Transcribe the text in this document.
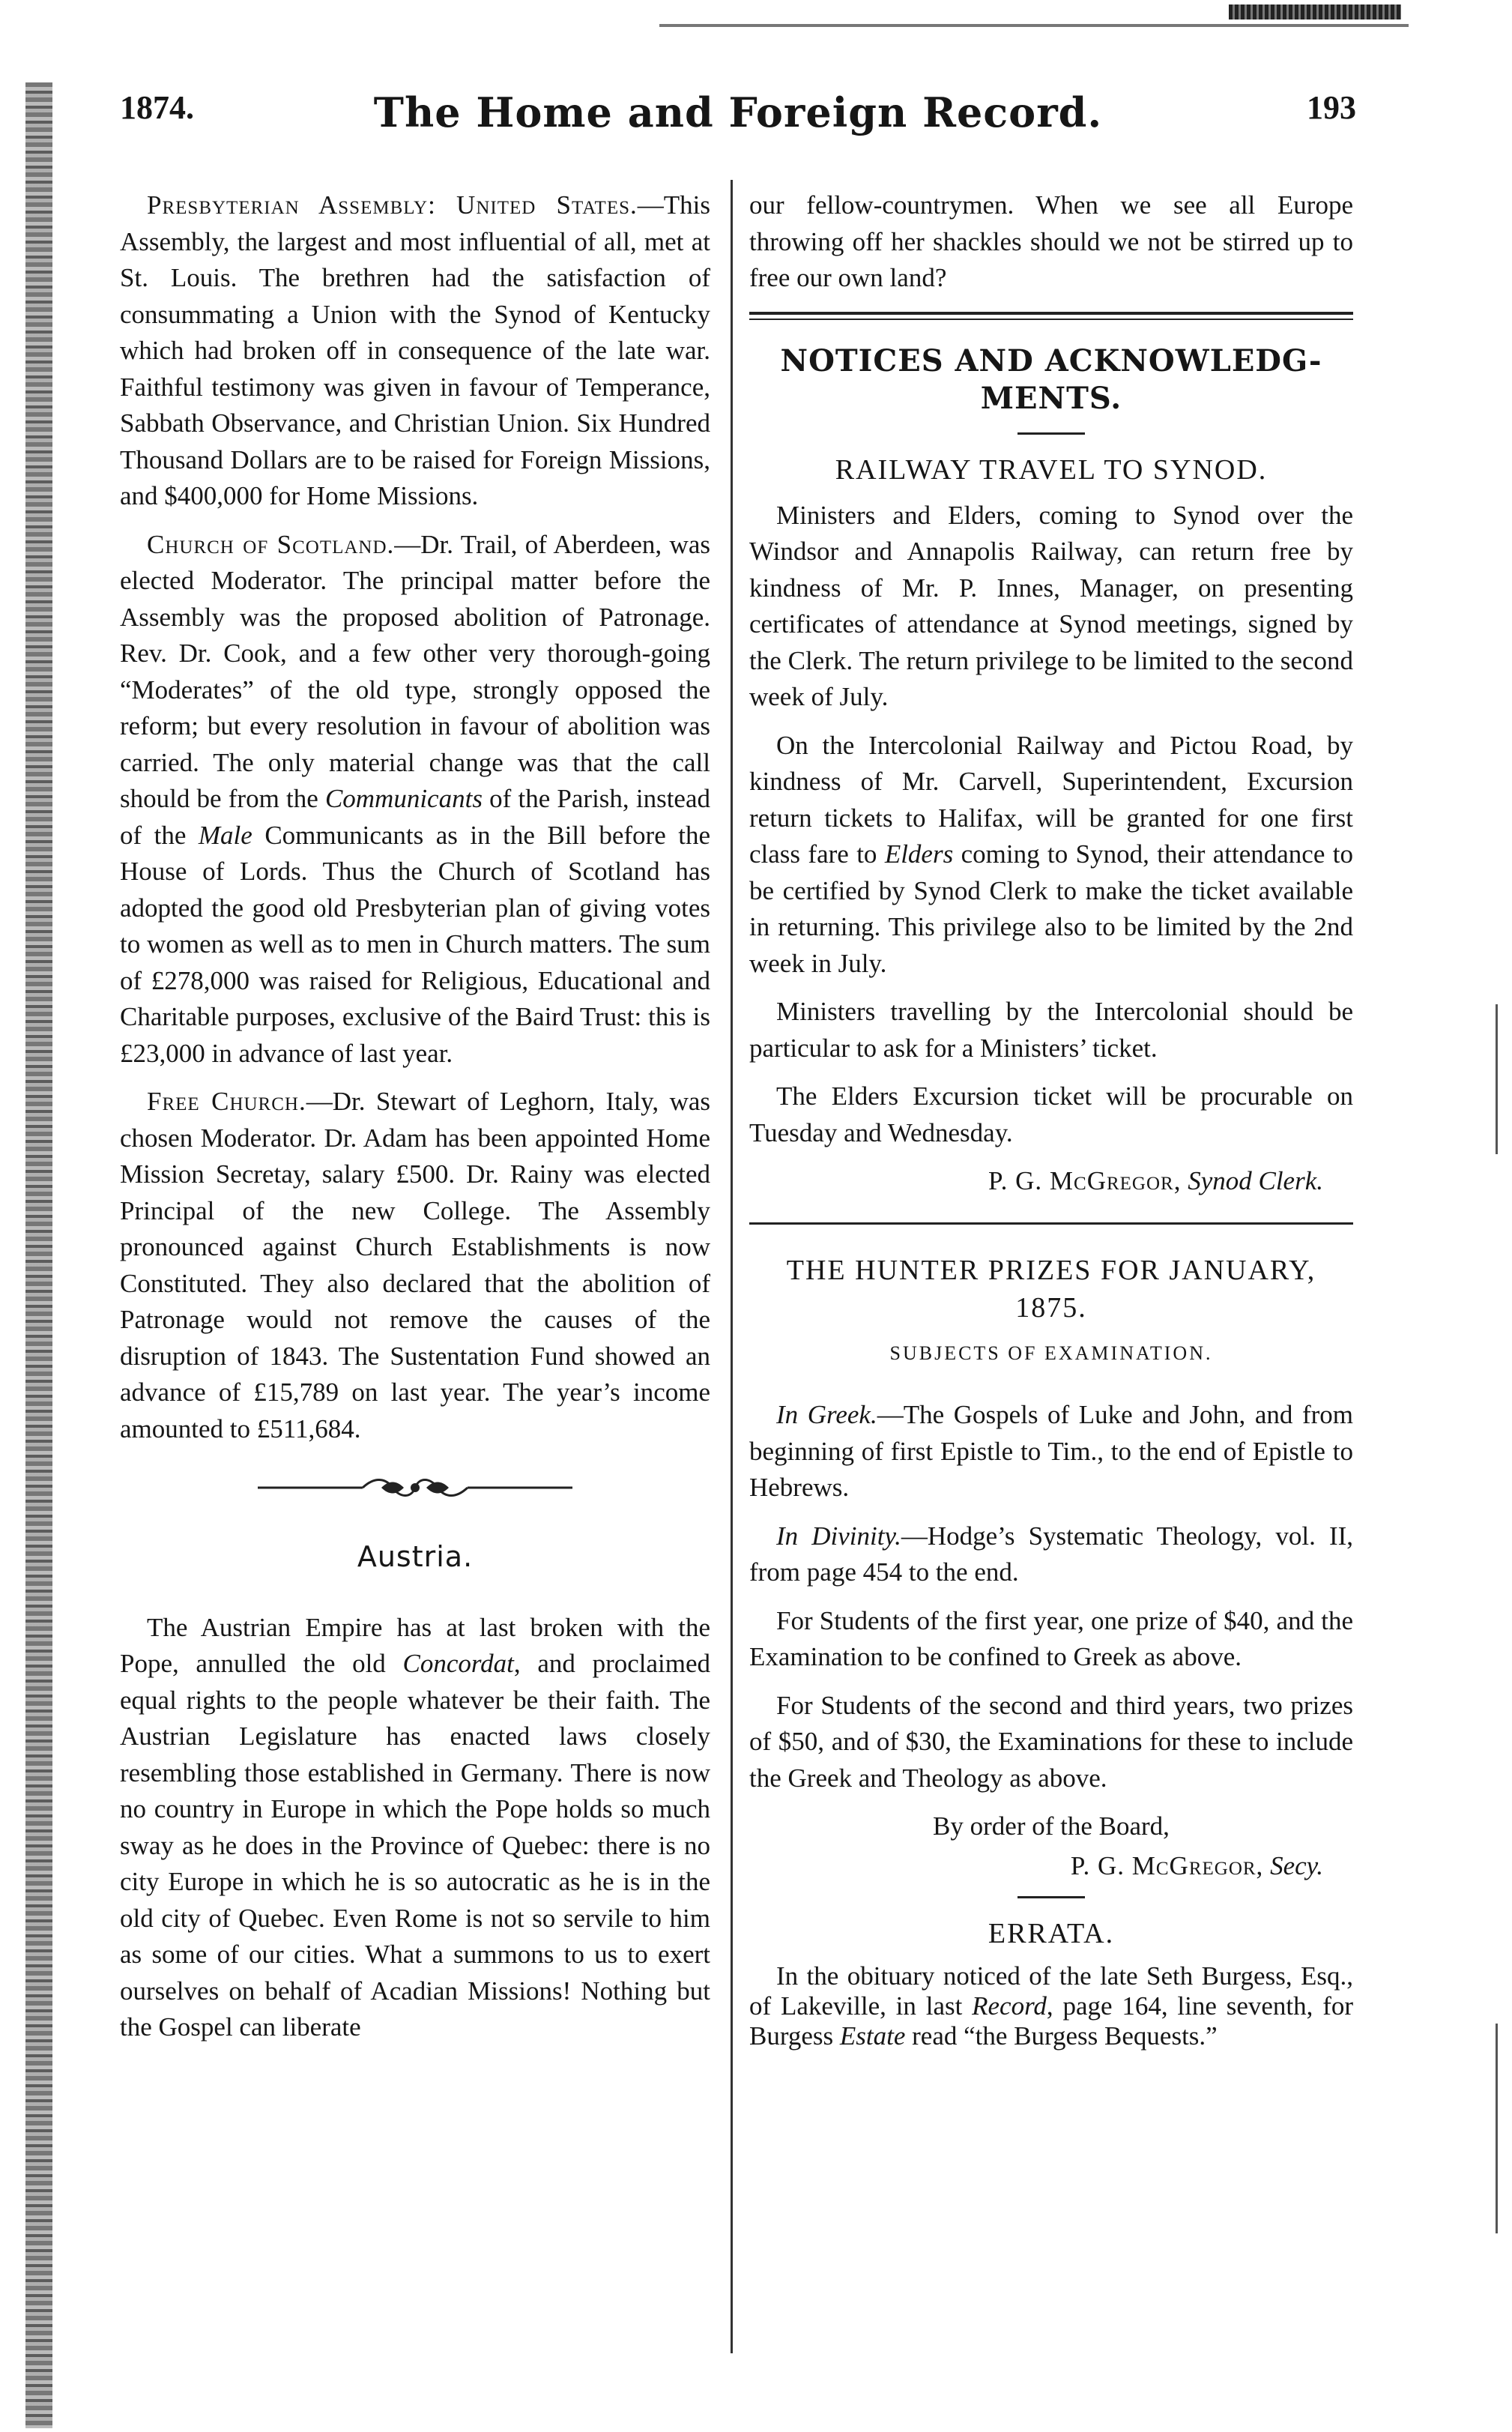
1874.	The Home and Foreign Record.	193

Presbyterian Assembly: United States.—This Assembly, the largest and most influential of all, met at St. Louis. The brethren had the satisfaction of consummating a Union with the Synod of Kentucky which had broken off in consequence of the late war. Faithful testimony was given in favour of Temperance, Sabbath Observance, and Christian Union. Six Hundred Thousand Dollars are to be raised for Foreign Missions, and $400,000 for Home Missions.

Church of Scotland.—Dr. Trail, of Aberdeen, was elected Moderator. The principal matter before the Assembly was the proposed abolition of Patronage. Rev. Dr. Cook, and a few other very thorough-going “Moderates” of the old type, strongly opposed the reform; but every resolution in favour of abolition was carried. The only material change was that the call should be from the Communicants of the Parish, instead of the Male Communicants as in the Bill before the House of Lords. Thus the Church of Scotland has adopted the good old Presbyterian plan of giving votes to women as well as to men in Church matters. The sum of £278,000 was raised for Religious, Educational and Charitable purposes, exclusive of the Baird Trust: this is £23,000 in advance of last year.

Free Church.—Dr. Stewart of Leghorn, Italy, was chosen Moderator. Dr. Adam has been appointed Home Mission Secretay, salary £500. Dr. Rainy was elected Principal of the new College. The Assembly pronounced against Church Establishments is now Constituted. They also declared that the abolition of Patronage would not remove the causes of the disruption of 1843. The Sustentation Fund showed an advance of £15,789 on last year. The year’s income amounted to £511,684.

Austria.

The Austrian Empire has at last broken with the Pope, annulled the old Concordat, and proclaimed equal rights to the people whatever be their faith. The Austrian Legislature has enacted laws closely resembling those established in Germany. There is now no country in Europe in which the Pope holds so much sway as he does in the Province of Quebec: there is no city Europe in which he is so autocratic as he is in the old city of Quebec. Even Rome is not so servile to him as some of our cities. What a summons to us to exert ourselves on behalf of Acadian Missions! Nothing but the Gospel can liberate

our fellow-countrymen. When we see all Europe throwing off her shackles should we not be stirred up to free our own land?

NOTICES AND ACKNOWLEDG-MENTS.
RAILWAY TRAVEL TO SYNOD.

Ministers and Elders, coming to Synod over the Windsor and Annapolis Railway, can return free by kindness of Mr. P. Innes, Manager, on presenting certificates of attendance at Synod meetings, signed by the Clerk. The return privilege to be limited to the second week of July.

On the Intercolonial Railway and Pictou Road, by kindness of Mr. Carvell, Superintendent, Excursion return tickets to Halifax, will be granted for one first class fare to Elders coming to Synod, their attendance to be certified by Synod Clerk to make the ticket available in returning. This privilege also to be limited by the 2nd week in July.

Ministers travelling by the Intercolonial should be particular to ask for a Ministers’ ticket.

The Elders Excursion ticket will be procurable on Tuesday and Wednesday.

P. G. McGregor, Synod Clerk.

THE HUNTER PRIZES FOR JANUARY, 1875.
SUBJECTS OF EXAMINATION.

In Greek.—The Gospels of Luke and John, and from beginning of first Epistle to Tim., to the end of Epistle to Hebrews.

In Divinity.—Hodge’s Systematic Theology, vol. II, from page 454 to the end.

For Students of the first year, one prize of $40, and the Examination to be confined to Greek as above.

For Students of the second and third years, two prizes of $50, and of $30, the Examinations for these to include the Greek and Theology as above.

By order of the Board,

P. G. McGregor, Secy.

ERRATA.

In the obituary noticed of the late Seth Burgess, Esq., of Lakeville, in last Record, page 164, line seventh, for Burgess Estate read “the Burgess Bequests.”
